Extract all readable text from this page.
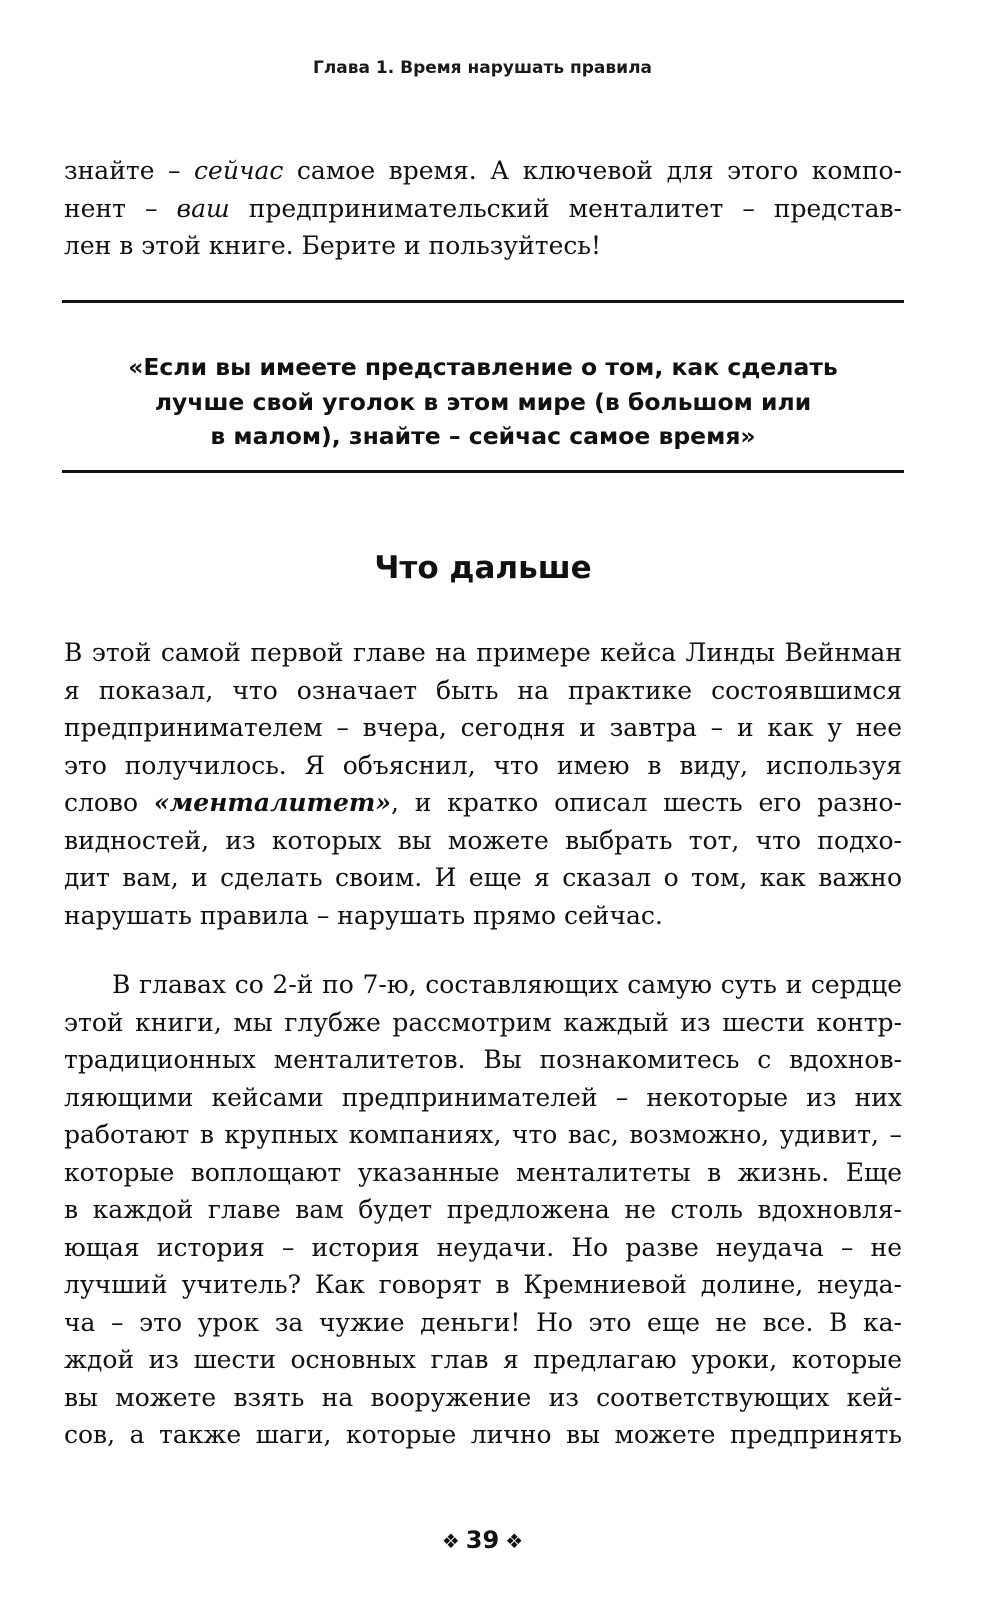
Глава 1. Время нарушать правила
знайте – сейчас самое время. А ключевой для этого компо-
нент – ваш предпринимательский менталитет – представ-
лен в этой книге. Берите и пользуйтесь!
«Если вы имеете представление о том, как сделать
лучше свой уголок в этом мире (в большом или
в малом), знайте – сейчас самое время»
Что дальше
В этой самой первой главе на примере кейса Линды Вейнман
я показал, что означает быть на практике состоявшимся
предпринимателем – вчера, сегодня и завтра – и как у нее
это получилось. Я объяснил, что имею в виду, используя
слово «менталитет», и кратко описал шесть его разно-
видностей, из которых вы можете выбрать тот, что подхо-
дит вам, и сделать своим. И еще я сказал о том, как важно
нарушать правила – нарушать прямо сейчас.
В главах со 2-й по 7-ю, составляющих самую суть и сердце
этой книги, мы глубже рассмотрим каждый из шести контр-
традиционных менталитетов. Вы познакомитесь с вдохнов-
ляющими кейсами предпринимателей – некоторые из них
работают в крупных компаниях, что вас, возможно, удивит, –
которые воплощают указанные менталитеты в жизнь. Еще
в каждой главе вам будет предложена не столь вдохновля-
ющая история – история неудачи. Но разве неудача – не
лучший учитель? Как говорят в Кремниевой долине, неуда-
ча – это урок за чужие деньги! Но это еще не все. В ка-
ждой из шести основных глав я предлагаю уроки, которые
вы можете взять на вооружение из соответствующих кей-
сов, а также шаги, которые лично вы можете предпринять
❖ 39 ❖
